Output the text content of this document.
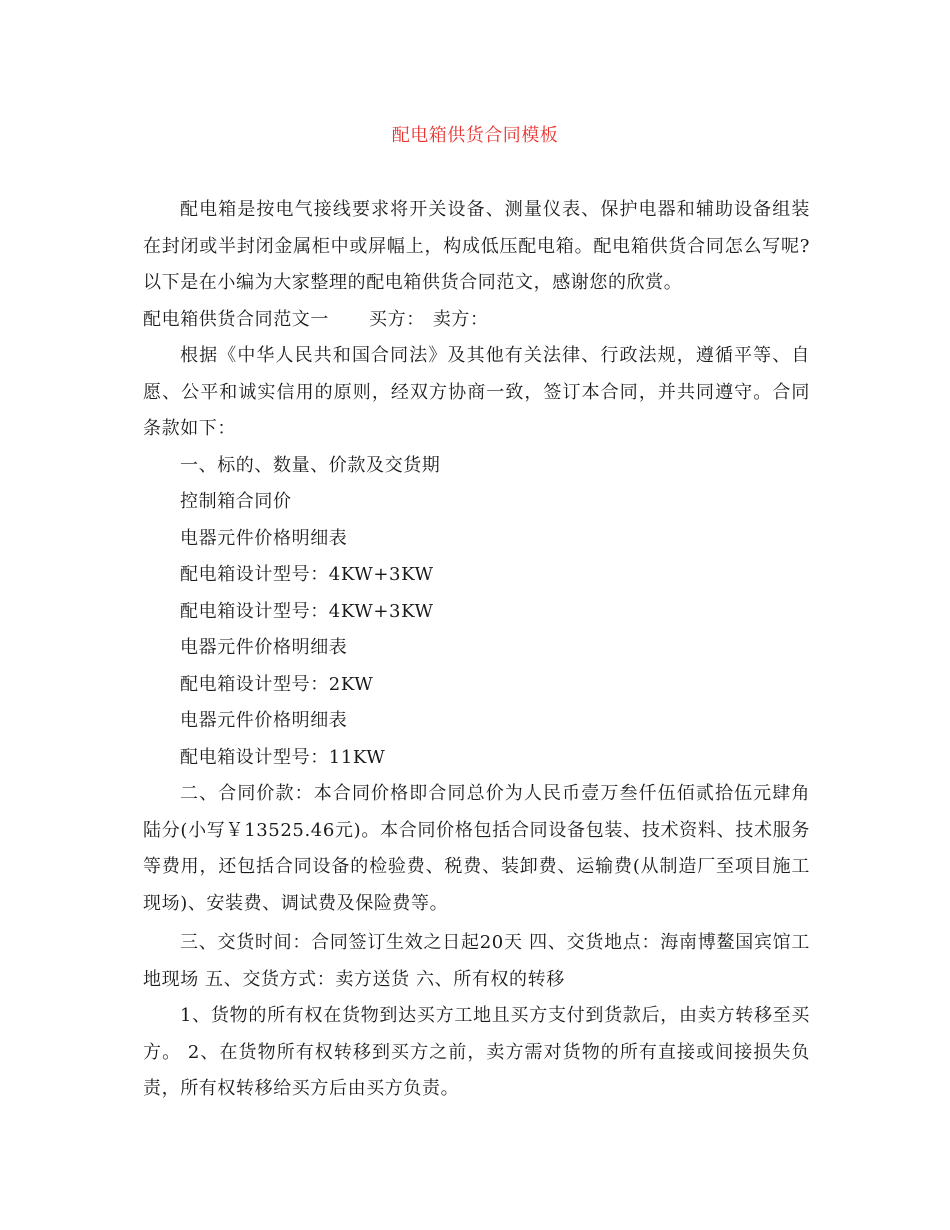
配电箱供货合同模板

配电箱是按电气接线要求将开关设备、测量仪表、保护电器和辅助设备组装在封闭或半封闭金属柜中或屏幅上，构成低压配电箱。配电箱供货合同怎么写呢?以下是在小编为大家整理的配电箱供货合同范文，感谢您的欣赏。

配电箱供货合同范文一 买方： 卖方：

根据《中华人民共和国合同法》及其他有关法律、行政法规，遵循平等、自愿、公平和诚实信用的原则，经双方协商一致，签订本合同，并共同遵守。合同条款如下：

一、标的、数量、价款及交货期

控制箱合同价

电器元件价格明细表

配电箱设计型号：4KW+3KW

配电箱设计型号：4KW+3KW

电器元件价格明细表

配电箱设计型号：2KW

电器元件价格明细表

配电箱设计型号：11KW

二、合同价款：本合同价格即合同总价为人民币壹万叁仟伍佰贰拾伍元肆角陆分(小写￥13525.46元)。本合同价格包括合同设备包装、技术资料、技术服务等费用，还包括合同设备的检验费、税费、装卸费、运输费(从制造厂至项目施工现场)、安装费、调试费及保险费等。

三、交货时间：合同签订生效之日起20天 四、交货地点：海南博鳌国宾馆工地现场 五、交货方式：卖方送货 六、所有权的转移

1、货物的所有权在货物到达买方工地且买方支付到货款后，由卖方转移至买方。 2、在货物所有权转移到买方之前，卖方需对货物的所有直接或间接损失负责，所有权转移给买方后由买方负责。
